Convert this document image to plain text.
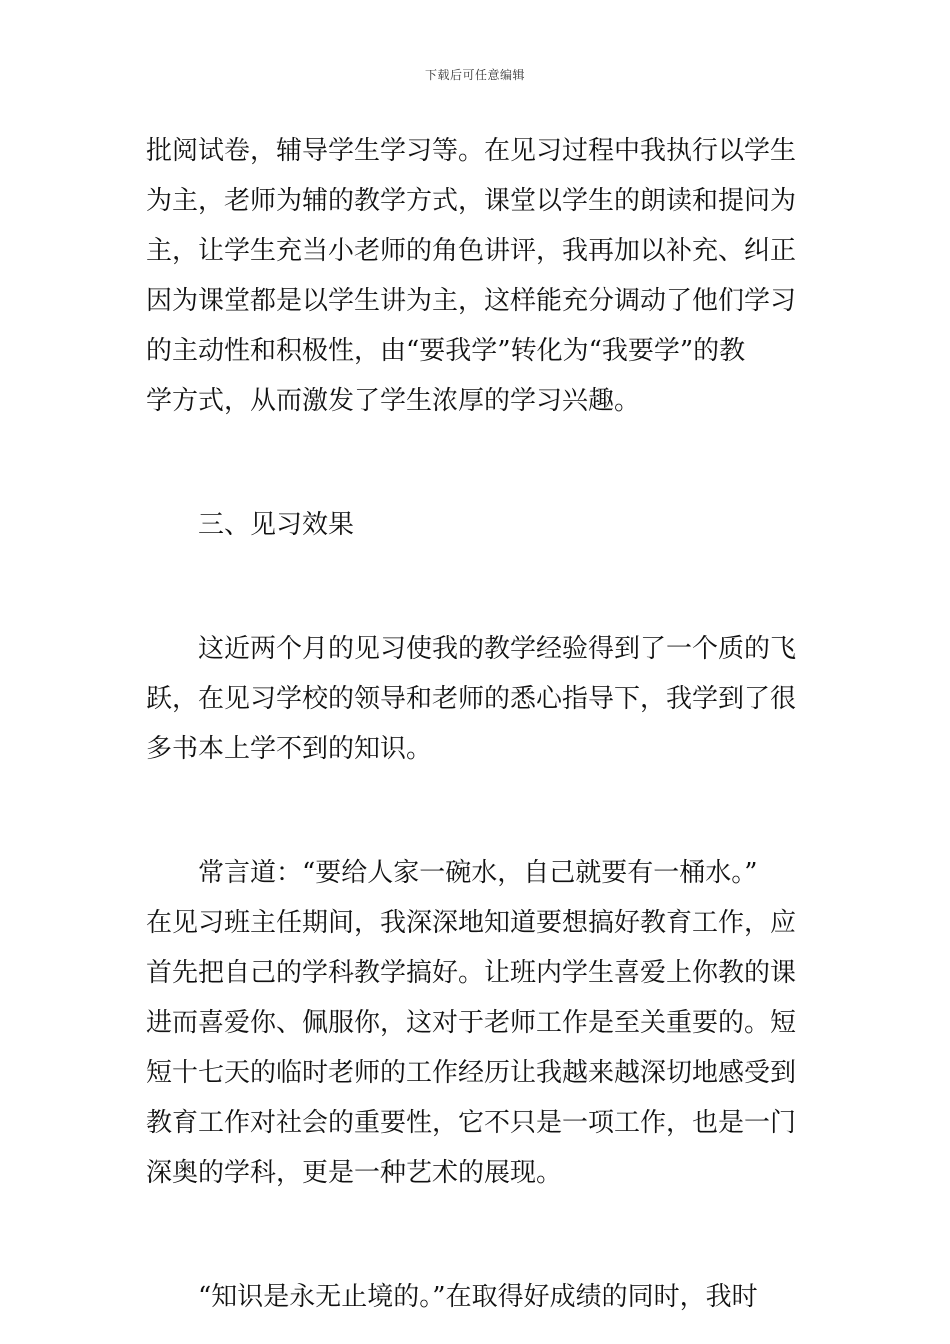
下载后可任意编辑

批阅试卷，辅导学生学习等。在见习过程中我执行以学生
为主，老师为辅的教学方式，课堂以学生的朗读和提问为
主，让学生充当小老师的角色讲评，我再加以补充、纠正
因为课堂都是以学生讲为主，这样能充分调动了他们学习
的主动性和积极性，由“要我学”转化为“我要学”的教
学方式，从而激发了学生浓厚的学习兴趣。

　　三、见习效果

　　这近两个月的见习使我的教学经验得到了一个质的飞
跃，在见习学校的领导和老师的悉心指导下，我学到了很
多书本上学不到的知识。

　　常言道：“要给人家一碗水，自己就要有一桶水。”
在见习班主任期间，我深深地知道要想搞好教育工作，应
首先把自己的学科教学搞好。让班内学生喜爱上你教的课
进而喜爱你、佩服你，这对于老师工作是至关重要的。短
短十七天的临时老师的工作经历让我越来越深切地感受到
教育工作对社会的重要性，它不只是一项工作，也是一门
深奥的学科，更是一种艺术的展现。

　　“知识是永无止境的。”在取得好成绩的同时，我时
